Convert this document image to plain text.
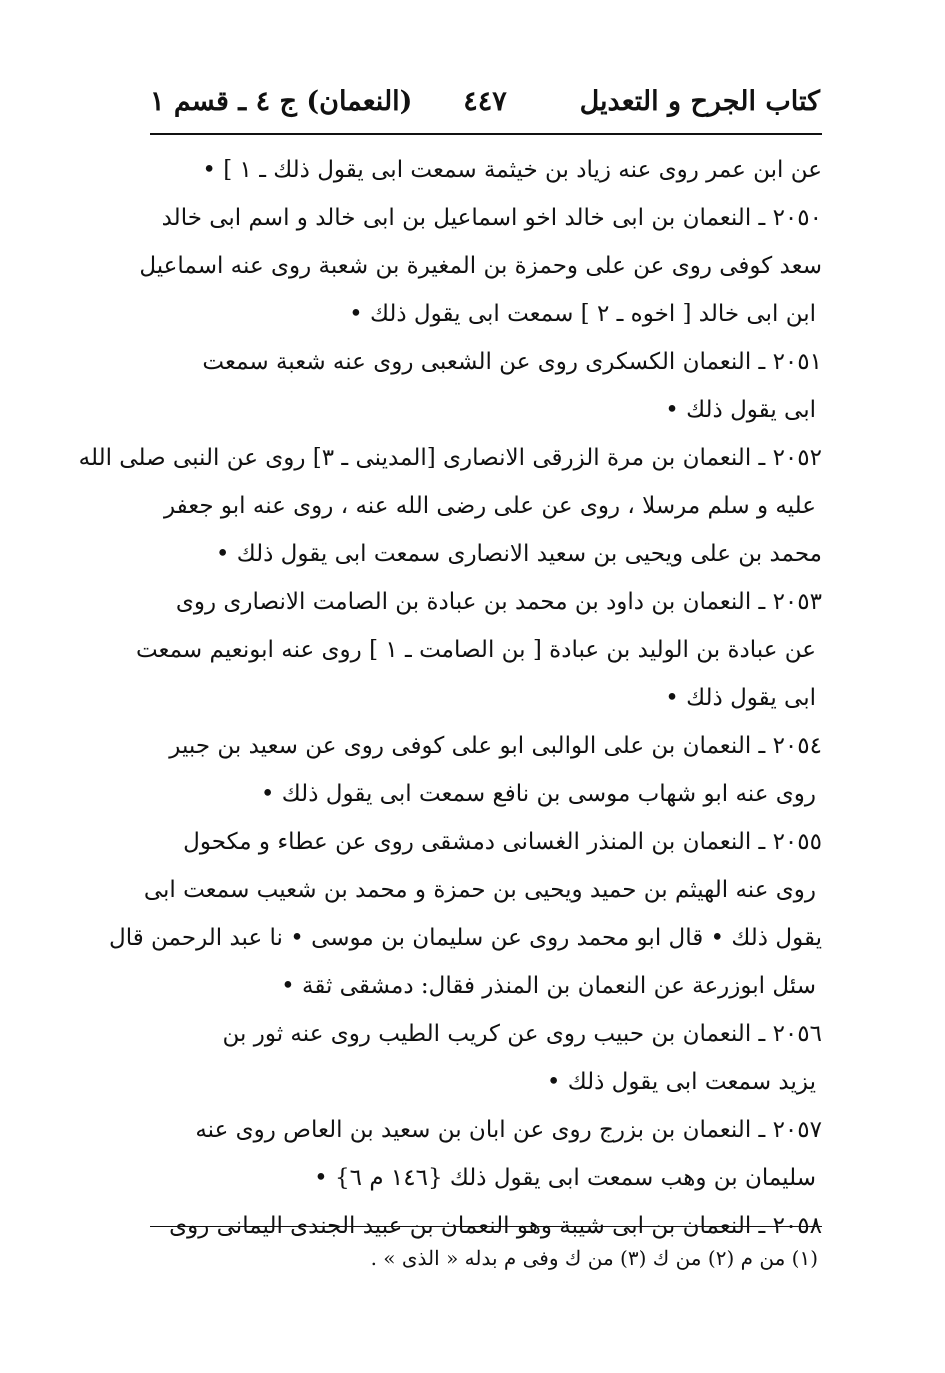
كتاب الجرح و التعديل
٤٤٧
(النعمان) ج ٤ ـ قسم ١
عن ابن عمر روى عنه زياد بن خيثمة سمعت ابى يقول ذلك ـ ١ ] •
٢٠٥٠ ـ النعمان بن ابى خالد اخو اسماعيل بن ابى خالد و اسم ابى خالد
سعد كوفى روى عن على وحمزة بن المغيرة بن شعبة روى عنه اسماعيل
ابن ابى خالد [ اخوه ـ ٢ ] سمعت ابى يقول ذلك •
٢٠٥١ ـ النعمان الكسكرى روى عن الشعبى روى عنه شعبة سمعت
ابى يقول ذلك •
٢٠٥٢ ـ النعمان بن مرة الزرقى الانصارى [المدينى ـ ٣] روى عن النبى صلى الله
عليه و سلم مرسلا ، روى عن على رضى الله عنه ، روى عنه ابو جعفر
محمد بن على ويحيى بن سعيد الانصارى سمعت ابى يقول ذلك •
٢٠٥٣ ـ النعمان بن داود بن محمد بن عبادة بن الصامت الانصارى روى
عن عبادة بن الوليد بن عبادة [ بن الصامت ـ ١ ] روى عنه ابونعيم سمعت
ابى يقول ذلك •
٢٠٥٤ ـ النعمان بن على الوالبى ابو على كوفى روى عن سعيد بن جبير
روى عنه ابو شهاب موسى بن نافع سمعت ابى يقول ذلك •
٢٠٥٥ ـ النعمان بن المنذر الغسانى دمشقى روى عن عطاء و مكحول
روى عنه الهيثم بن حميد ويحيى بن حمزة و محمد بن شعيب سمعت ابى
يقول ذلك • قال ابو محمد روى عن سليمان بن موسى • نا عبد الرحمن قال
سئل ابوزرعة عن النعمان بن المنذر فقال: دمشقى ثقة •
٢٠٥٦ ـ النعمان بن حبيب روى عن كريب الطيب روى عنه ثور بن
يزيد سمعت ابى يقول ذلك •
٢٠٥٧ ـ النعمان بن بزرج روى عن ابان بن سعيد بن العاص روى عنه
سليمان بن وهب سمعت ابى يقول ذلك {١٤٦ م ٦} •
٢٠٥٨ ـ النعمان بن ابى شيبة وهو النعمان بن عبيد الجندى اليمانى روى
(١) من م (٢) من ك (٣) من ك وفى م بدله « الذى » .
